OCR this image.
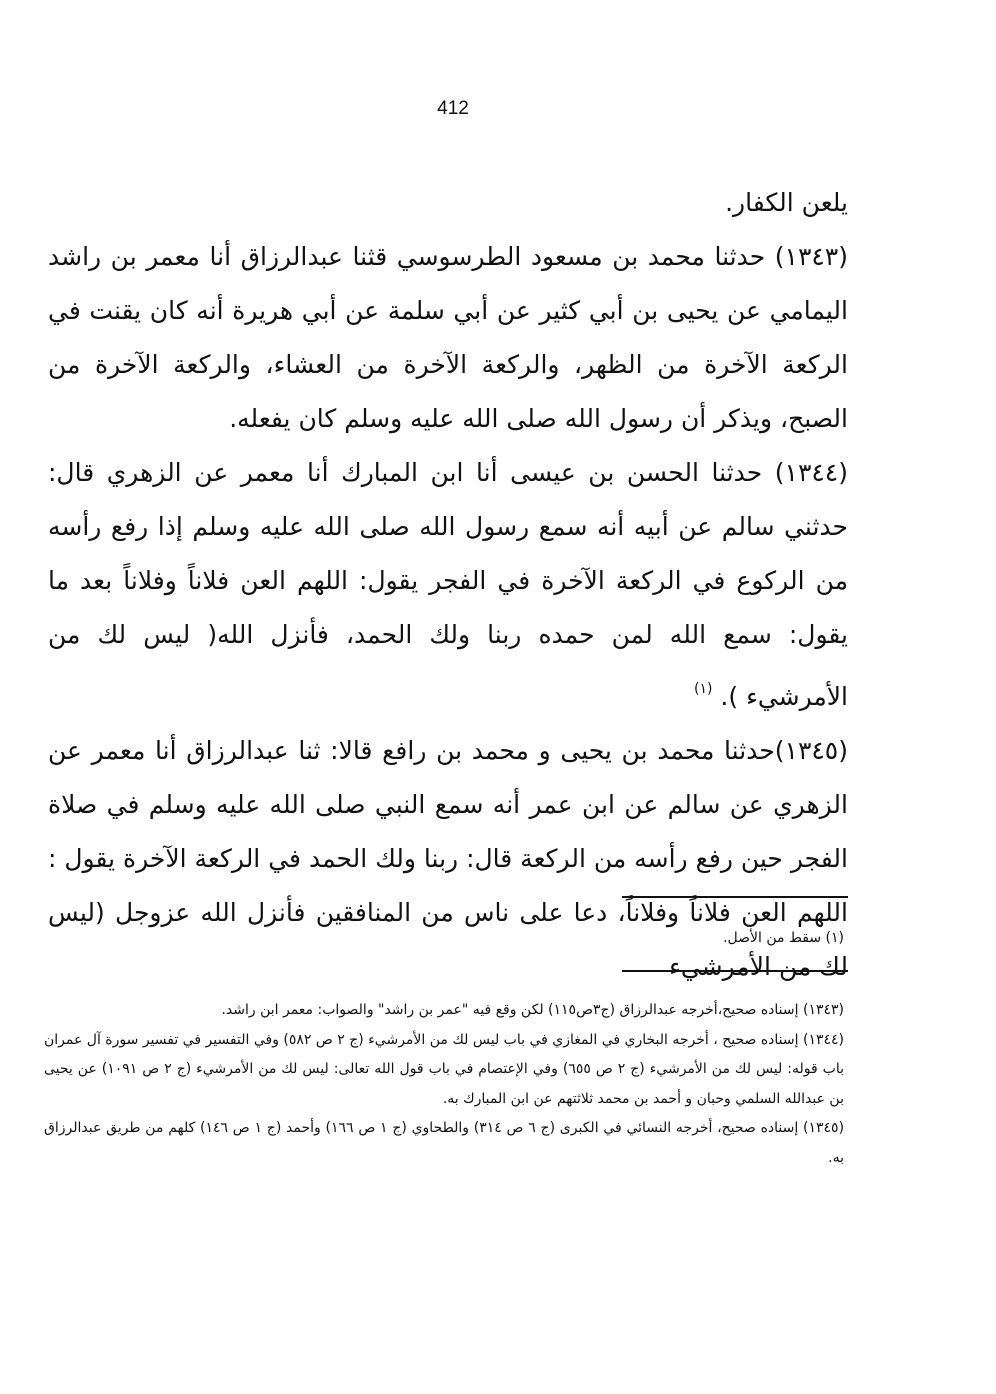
412

يلعن الكفار.

(١٣٤٣) حدثنا محمد بن مسعود الطرسوسي قثنا عبدالرزاق أنا معمر بن راشد اليمامي عن يحيى بن أبي كثير عن أبي سلمة عن أبي هريرة أنه كان يقنت في الركعة الآخرة من الظهر، والركعة الآخرة من العشاء، والركعة الآخرة من الصبح، ويذكر أن رسول الله صلى الله عليه وسلم كان يفعله.

(١٣٤٤) حدثنا الحسن بن عيسى أنا ابن المبارك أنا معمر عن الزهري قال: حدثني سالم عن أبيه أنه سمع رسول الله صلى الله عليه وسلم إذا رفع رأسه من الركوع في الركعة الآخرة في الفجر يقول: اللهم العن فلاناً وفلاناً بعد ما يقول: سمع الله لمن حمده ربنا ولك الحمد، فأنزل الله( ليس لك من الأمرشيء ). $^{(١)}$

(١٣٤٥)حدثنا محمد بن يحيى و محمد بن رافع قالا: ثنا عبدالرزاق أنا معمر عن الزهري عن سالم عن ابن عمر أنه سمع النبي صلى الله عليه وسلم في صلاة الفجر حين رفع رأسه من الركعة قال: ربنا ولك الحمد في الركعة الآخرة يقول : اللهم العن فلاناً وفلاناً، دعا على ناس من المنافقين فأنزل الله عزوجل (ليس لك من الأمرشيء

(١) سقط من الأصل.

(١٣٤٣) إسناده صحيح،أخرجه عبدالرزاق (ج٣ص١١٥) لكن وقع فيه "عمر بن راشد" والصواب: معمر ابن راشد.

(١٣٤٤) إسناده صحيح ، أخرجه البخاري في المغازي في باب ليس لك من الأمرشيء (ج ٢ ص ٥٨٢) وفي التفسير في تفسير سورة آل عمران باب قوله: ليس لك من الأمرشيء (ج ٢ ص ٦٥٥) وفي الإعتصام في باب قول الله تعالى: ليس لك من الأمرشيء (ج ٢ ص ١٠٩١) عن يحيى بن عبدالله السلمي وحبان و أحمد بن محمد ثلاثتهم عن ابن المبارك به.

(١٣٤٥) إسناده صحيح، أخرجه النسائي في الكبرى (ج ٦ ص ٣١٤) والطحاوي (ج ١ ص ١٦٦) وأحمد (ج ١ ص ١٤٦) كلهم من طريق عبدالرزاق به.
